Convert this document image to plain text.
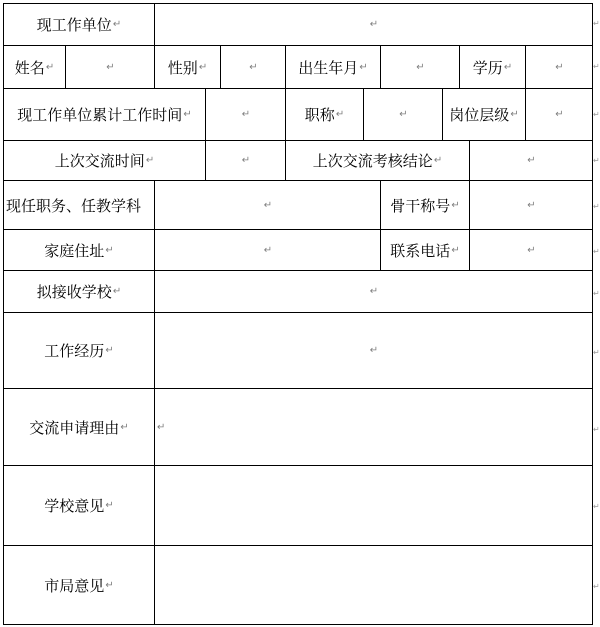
现工作单位 ↵	↵
姓名 ↵	↵	性别 ↵	↵	出生年月 ↵	↵	学历 ↵	↵
现工作单位累计工作时间 ↵	↵	职称 ↵	↵	岗位层级 ↵	↵
上次交流时间 ↵	↵	上次交流考核结论 ↵	↵
现任职务、任教学科	↵	骨干称号 ↵	↵
家庭住址 ↵	↵	联系电话 ↵	↵
拟接收学校 ↵	↵
工作经历 ↵	↵
交流申请理由 ↵	↵
学校意见 ↵
市局意见 ↵
↵
↵
↵
↵
↵
↵
↵
↵
↵
↵
↵
